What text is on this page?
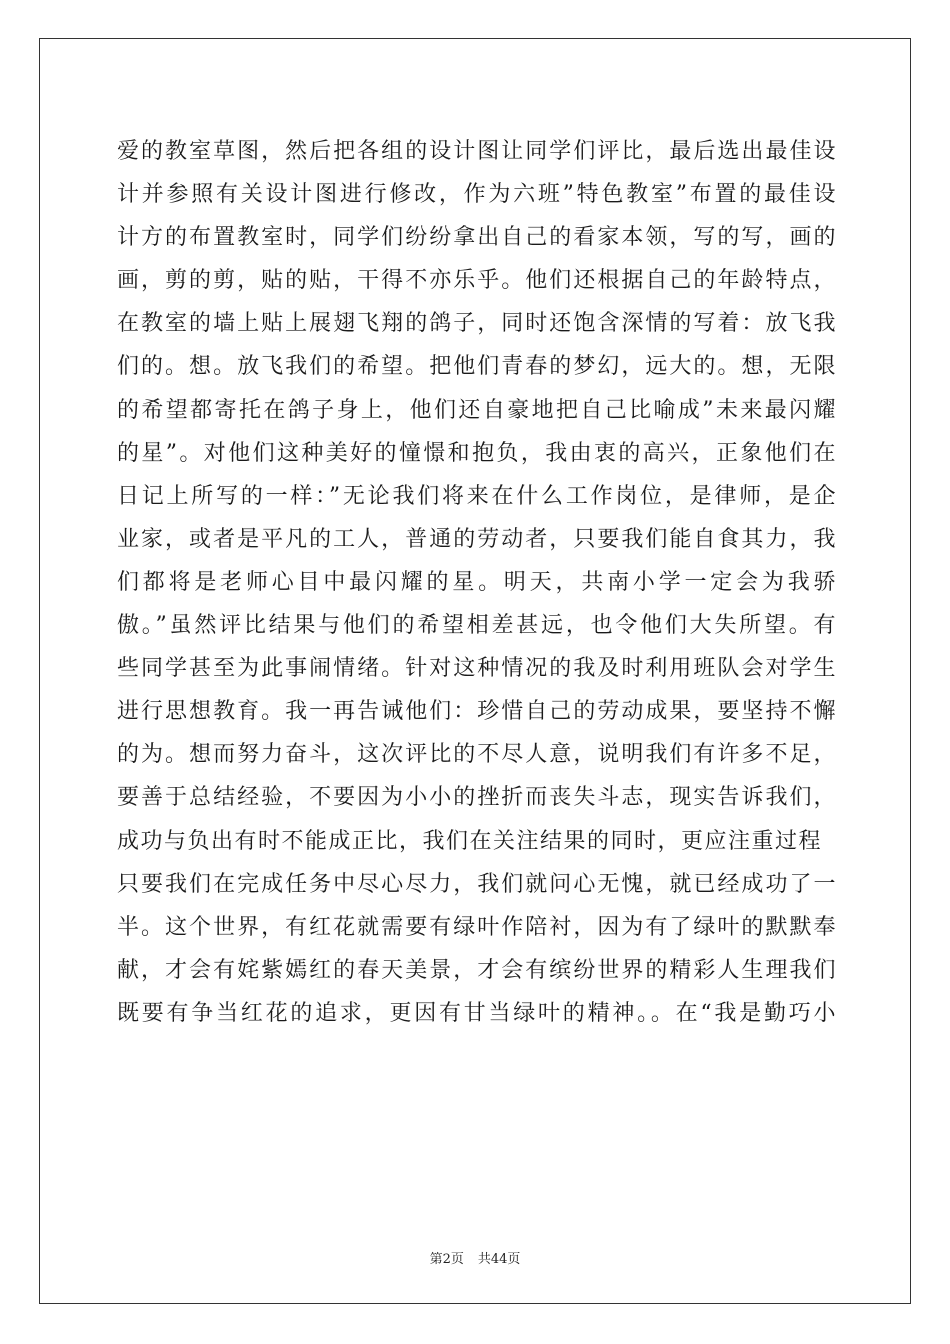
爱的教室草图，然后把各组的设计图让同学们评比，最后选出最佳设
计并参照有关设计图进行修改，作为六班”特色教室”布置的最佳设
计方的布置教室时，同学们纷纷拿出自己的看家本领，写的写，画的
画，剪的剪，贴的贴，干得不亦乐乎。他们还根据自己的年龄特点，
在教室的墙上贴上展翅飞翔的鸽子，同时还饱含深情的写着：放飞我
们的。想。放飞我们的希望。把他们青春的梦幻，远大的。想，无限
的希望都寄托在鸽子身上，他们还自豪地把自己比喻成”未来最闪耀
的星”。对他们这种美好的憧憬和抱负，我由衷的高兴，正象他们在
日记上所写的一样：”无论我们将来在什么工作岗位，是律师，是企
业家，或者是平凡的工人，普通的劳动者，只要我们能自食其力，我
们都将是老师心目中最闪耀的星。明天，共南小学一定会为我骄
傲。”虽然评比结果与他们的希望相差甚远，也令他们大失所望。有
些同学甚至为此事闹情绪。针对这种情况的我及时利用班队会对学生
进行思想教育。我一再告诫他们：珍惜自己的劳动成果，要坚持不懈
的为。想而努力奋斗，这次评比的不尽人意，说明我们有许多不足，
要善于总结经验，不要因为小小的挫折而丧失斗志，现实告诉我们，
成功与负出有时不能成正比，我们在关注结果的同时，更应注重过程
只要我们在完成任务中尽心尽力，我们就问心无愧，就已经成功了一
半。这个世界，有红花就需要有绿叶作陪衬，因为有了绿叶的默默奉
献，才会有姹紫嫣红的春天美景，才会有缤纷世界的精彩人生理我们
既要有争当红花的追求，更因有甘当绿叶的精神。。在“我是勤巧小
第2页 共44页
